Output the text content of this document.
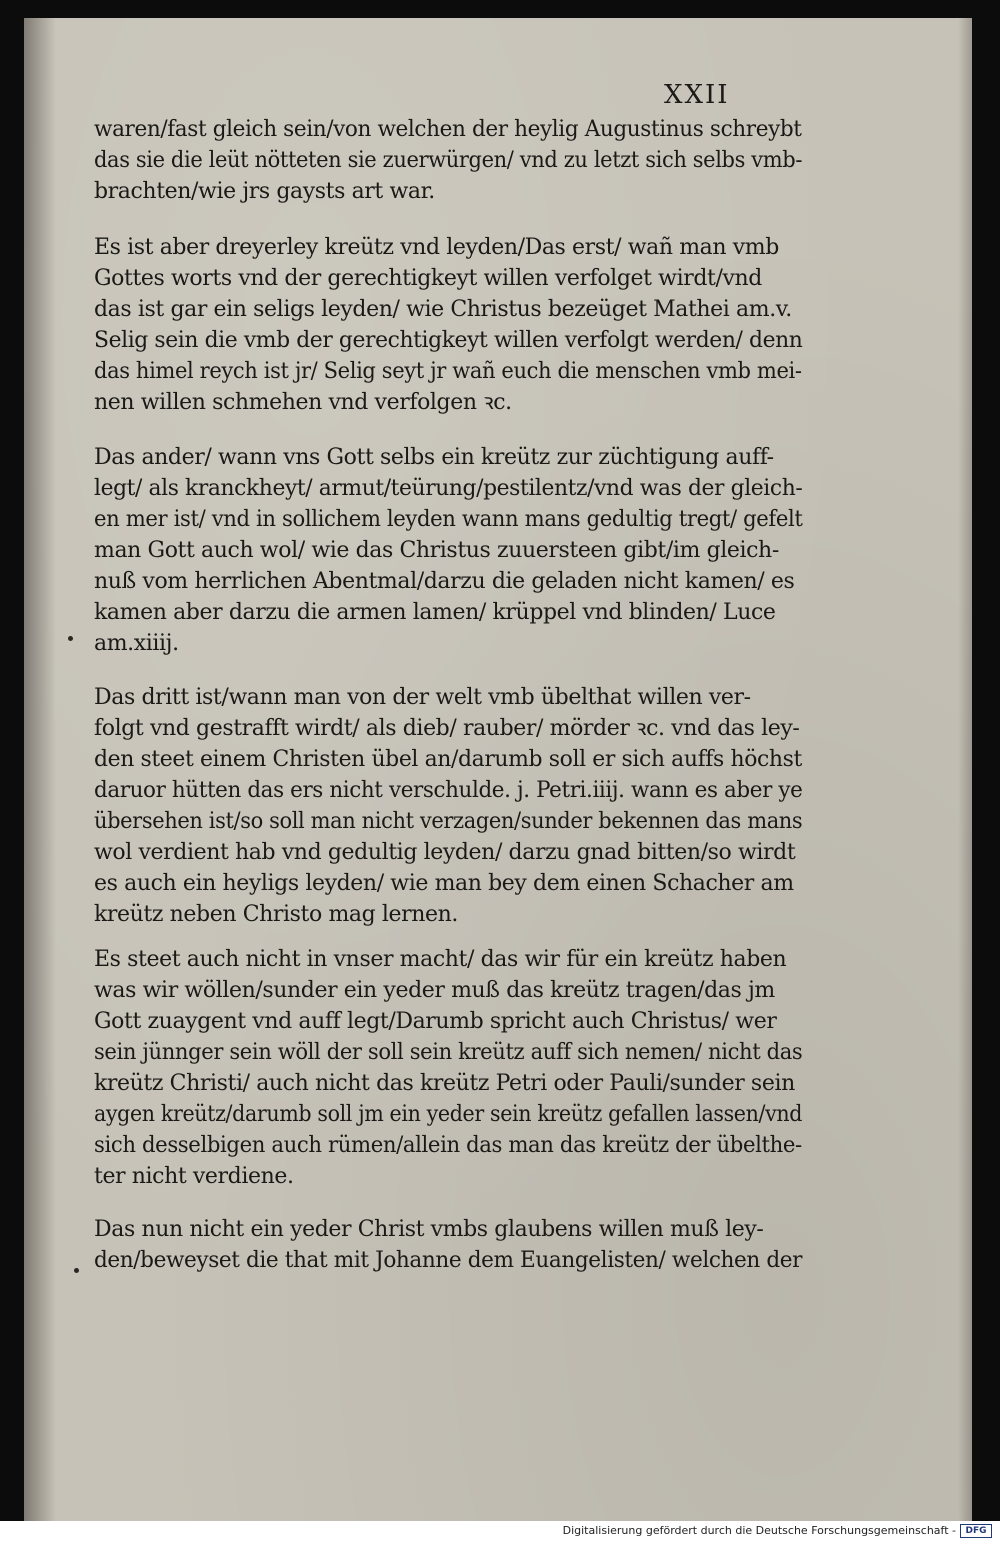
XXII
waren/fast gleich sein/von welchen der heylig Augustinus schreybt
das sie die leüt nötteten sie zuerwürgen/ vnd zu letzt sich selbs vmb-
brachten/wie jrs gaysts art war.
Es ist aber dreyerley kreütz vnd leyden/Das erst/ wañ man vmb
Gottes worts vnd der gerechtigkeyt willen verfolget wirdt/vnd
das ist gar ein seligs leyden/ wie Christus bezeüget Mathei am.v.
Selig sein die vmb der gerechtigkeyt willen verfolgt werden/ denn
das himel reych ist jr/ Selig seyt jr wañ euch die menschen vmb mei-
nen willen schmehen vnd verfolgen ꝛc.
Das ander/ wann vns Gott selbs ein kreütz zur züchtigung auff-
legt/ als kranckheyt/ armut/teürung/pestilentz/vnd was der gleich-
en mer ist/ vnd in sollichem leyden wann mans gedultig tregt/ gefelt
man Gott auch wol/ wie das Christus zuuersteen gibt/im gleich-
nuß vom herrlichen Abentmal/darzu die geladen nicht kamen/ es
kamen aber darzu die armen lamen/ krüppel vnd blinden/ Luce
am.xiiij.
Das dritt ist/wann man von der welt vmb übelthat willen ver-
folgt vnd gestrafft wirdt/ als dieb/ rauber/ mörder ꝛc. vnd das ley-
den steet einem Christen übel an/darumb soll er sich auffs höchst
daruor hütten das ers nicht verschulde. j. Petri.iiij. wann es aber ye
übersehen ist/so soll man nicht verzagen/sunder bekennen das mans
wol verdient hab vnd gedultig leyden/ darzu gnad bitten/so wirdt
es auch ein heyligs leyden/ wie man bey dem einen Schacher am
kreütz neben Christo mag lernen.
Es steet auch nicht in vnser macht/ das wir für ein kreütz haben
was wir wöllen/sunder ein yeder muß das kreütz tragen/das jm
Gott zuaygent vnd auff legt/Darumb spricht auch Christus/ wer
sein jünnger sein wöll der soll sein kreütz auff sich nemen/ nicht das
kreütz Christi/ auch nicht das kreütz Petri oder Pauli/sunder sein
aygen kreütz/darumb soll jm ein yeder sein kreütz gefallen lassen/vnd
sich desselbigen auch rümen/allein das man das kreütz der übelthe-
ter nicht verdiene.
Das nun nicht ein yeder Christ vmbs glaubens willen muß ley-
den/beweyset die that mit Johanne dem Euangelisten/ welchen der
Digitalisierung gefördert durch die Deutsche Forschungsgemeinschaft -	DFG
